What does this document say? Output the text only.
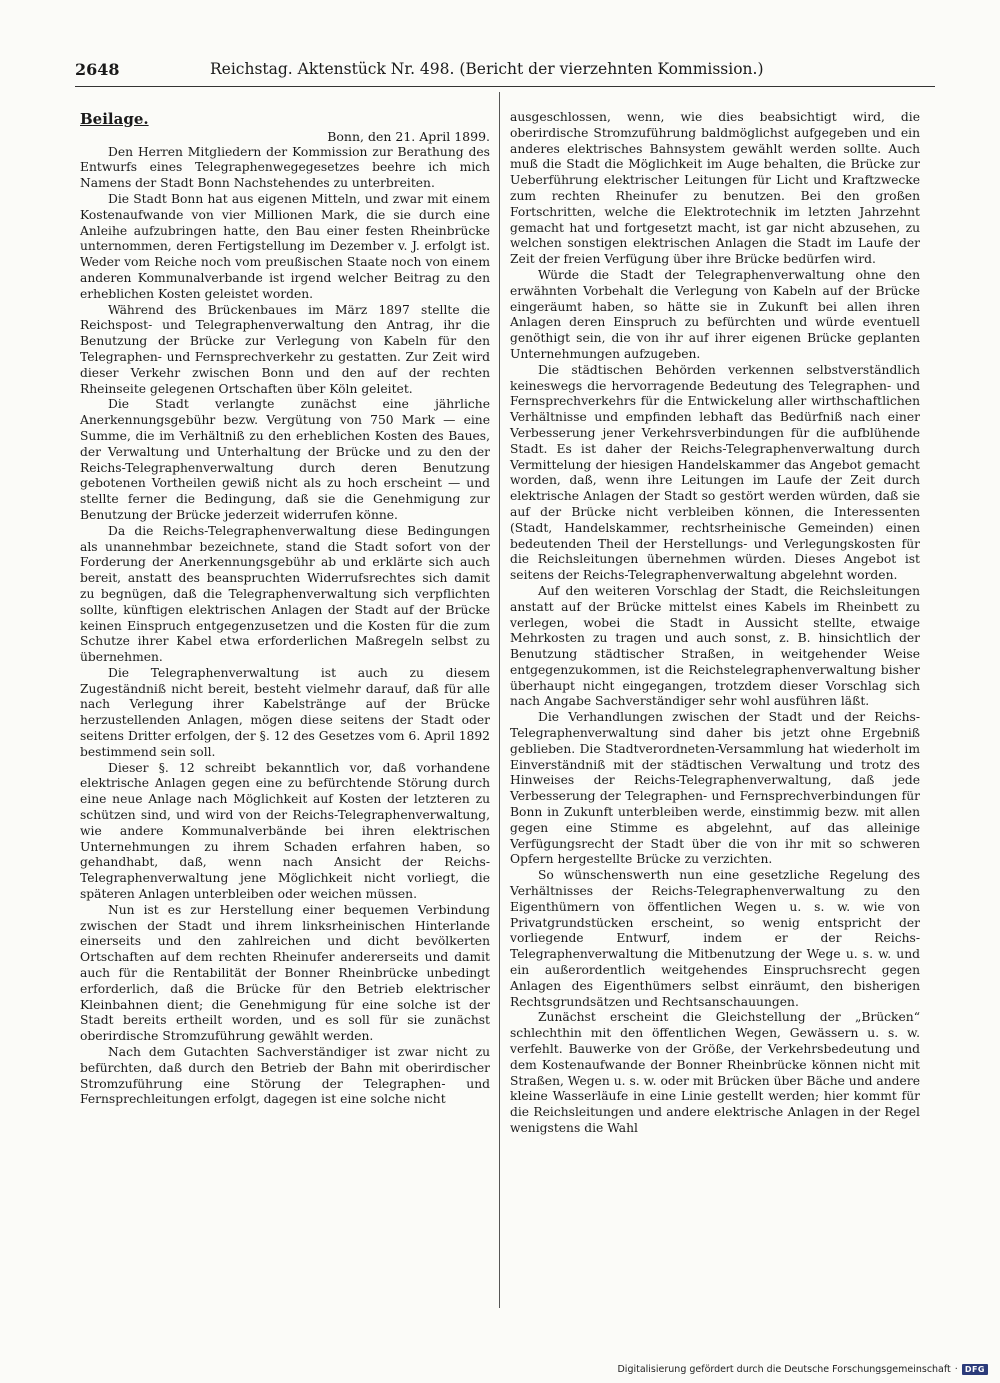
2648	Reichstag. Aktenstück Nr. 498. (Bericht der vierzehnten Kommission.)
Beilage.

Bonn, den 21. April 1899.

Den Herren Mitgliedern der Kommission zur Berathung des Entwurfs eines Telegraphenwegegesetzes beehre ich mich Namens der Stadt Bonn Nachstehendes zu unterbreiten.

Die Stadt Bonn hat aus eigenen Mitteln, und zwar mit einem Kostenaufwande von vier Millionen Mark, die sie durch eine Anleihe aufzubringen hatte, den Bau einer festen Rheinbrücke unternommen, deren Fertigstellung im Dezember v. J. erfolgt ist. Weder vom Reiche noch vom preußischen Staate noch von einem anderen Kommunalverbande ist irgend welcher Beitrag zu den erheblichen Kosten geleistet worden.

Während des Brückenbaues im März 1897 stellte die Reichspost- und Telegraphenverwaltung den Antrag, ihr die Benutzung der Brücke zur Verlegung von Kabeln für den Telegraphen- und Fernsprechverkehr zu gestatten. Zur Zeit wird dieser Verkehr zwischen Bonn und den auf der rechten Rheinseite gelegenen Ortschaften über Köln geleitet.

Die Stadt verlangte zunächst eine jährliche Anerkennungsgebühr bezw. Vergütung von 750 Mark — eine Summe, die im Verhältniß zu den erheblichen Kosten des Baues, der Verwaltung und Unterhaltung der Brücke und zu den der Reichs-Telegraphenverwaltung durch deren Benutzung gebotenen Vortheilen gewiß nicht als zu hoch erscheint — und stellte ferner die Bedingung, daß sie die Genehmigung zur Benutzung der Brücke jederzeit widerrufen könne.

Da die Reichs-Telegraphenverwaltung diese Bedingungen als unannehmbar bezeichnete, stand die Stadt sofort von der Forderung der Anerkennungsgebühr ab und erklärte sich auch bereit, anstatt des beanspruchten Widerrufsrechtes sich damit zu begnügen, daß die Telegraphenverwaltung sich verpflichten sollte, künftigen elektrischen Anlagen der Stadt auf der Brücke keinen Einspruch entgegenzusetzen und die Kosten für die zum Schutze ihrer Kabel etwa erforderlichen Maßregeln selbst zu übernehmen.

Die Telegraphenverwaltung ist auch zu diesem Zugeständniß nicht bereit, besteht vielmehr darauf, daß für alle nach Verlegung ihrer Kabelstränge auf der Brücke herzustellenden Anlagen, mögen diese seitens der Stadt oder seitens Dritter erfolgen, der §. 12 des Gesetzes vom 6. April 1892 bestimmend sein soll.

Dieser §. 12 schreibt bekanntlich vor, daß vorhandene elektrische Anlagen gegen eine zu befürchtende Störung durch eine neue Anlage nach Möglichkeit auf Kosten der letzteren zu schützen sind, und wird von der Reichs-Telegraphenverwaltung, wie andere Kommunalverbände bei ihren elektrischen Unternehmungen zu ihrem Schaden erfahren haben, so gehandhabt, daß, wenn nach Ansicht der Reichs-Telegraphenverwaltung jene Möglichkeit nicht vorliegt, die späteren Anlagen unterbleiben oder weichen müssen.

Nun ist es zur Herstellung einer bequemen Verbindung zwischen der Stadt und ihrem linksrheinischen Hinterlande einerseits und den zahlreichen und dicht bevölkerten Ortschaften auf dem rechten Rheinufer andererseits und damit auch für die Rentabilität der Bonner Rheinbrücke unbedingt erforderlich, daß die Brücke für den Betrieb elektrischer Kleinbahnen dient; die Genehmigung für eine solche ist der Stadt bereits ertheilt worden, und es soll für sie zunächst oberirdische Stromzuführung gewählt werden.

Nach dem Gutachten Sachverständiger ist zwar nicht zu befürchten, daß durch den Betrieb der Bahn mit oberirdischer Stromzuführung eine Störung der Telegraphen- und Fernsprechleitungen erfolgt, dagegen ist eine solche nicht

ausgeschlossen, wenn, wie dies beabsichtigt wird, die oberirdische Stromzuführung baldmöglichst aufgegeben und ein anderes elektrisches Bahnsystem gewählt werden sollte. Auch muß die Stadt die Möglichkeit im Auge behalten, die Brücke zur Ueberführung elektrischer Leitungen für Licht und Kraftzwecke zum rechten Rheinufer zu benutzen. Bei den großen Fortschritten, welche die Elektrotechnik im letzten Jahrzehnt gemacht hat und fortgesetzt macht, ist gar nicht abzusehen, zu welchen sonstigen elektrischen Anlagen die Stadt im Laufe der Zeit der freien Verfügung über ihre Brücke bedürfen wird.

Würde die Stadt der Telegraphenverwaltung ohne den erwähnten Vorbehalt die Verlegung von Kabeln auf der Brücke eingeräumt haben, so hätte sie in Zukunft bei allen ihren Anlagen deren Einspruch zu befürchten und würde eventuell genöthigt sein, die von ihr auf ihrer eigenen Brücke geplanten Unternehmungen aufzugeben.

Die städtischen Behörden verkennen selbstverständlich keineswegs die hervorragende Bedeutung des Telegraphen- und Fernsprechverkehrs für die Entwickelung aller wirthschaftlichen Verhältnisse und empfinden lebhaft das Bedürfniß nach einer Verbesserung jener Verkehrsverbindungen für die aufblühende Stadt. Es ist daher der Reichs-Telegraphenverwaltung durch Vermittelung der hiesigen Handelskammer das Angebot gemacht worden, daß, wenn ihre Leitungen im Laufe der Zeit durch elektrische Anlagen der Stadt so gestört werden würden, daß sie auf der Brücke nicht verbleiben können, die Interessenten (Stadt, Handelskammer, rechtsrheinische Gemeinden) einen bedeutenden Theil der Herstellungs- und Verlegungskosten für die Reichsleitungen übernehmen würden. Dieses Angebot ist seitens der Reichs-Telegraphenverwaltung abgelehnt worden.

Auf den weiteren Vorschlag der Stadt, die Reichsleitungen anstatt auf der Brücke mittelst eines Kabels im Rheinbett zu verlegen, wobei die Stadt in Aussicht stellte, etwaige Mehrkosten zu tragen und auch sonst, z. B. hinsichtlich der Benutzung städtischer Straßen, in weitgehender Weise entgegenzukommen, ist die Reichstelegraphenverwaltung bisher überhaupt nicht eingegangen, trotzdem dieser Vorschlag sich nach Angabe Sachverständiger sehr wohl ausführen läßt.

Die Verhandlungen zwischen der Stadt und der Reichs-Telegraphenverwaltung sind daher bis jetzt ohne Ergebniß geblieben. Die Stadtverordneten-Versammlung hat wiederholt im Einverständniß mit der städtischen Verwaltung und trotz des Hinweises der Reichs-Telegraphenverwaltung, daß jede Verbesserung der Telegraphen- und Fernsprechverbindungen für Bonn in Zukunft unterbleiben werde, einstimmig bezw. mit allen gegen eine Stimme es abgelehnt, auf das alleinige Verfügungsrecht der Stadt über die von ihr mit so schweren Opfern hergestellte Brücke zu verzichten.

So wünschenswerth nun eine gesetzliche Regelung des Verhältnisses der Reichs-Telegraphenverwaltung zu den Eigenthümern von öffentlichen Wegen u. s. w. wie von Privatgrundstücken erscheint, so wenig entspricht der vorliegende Entwurf, indem er der Reichs-Telegraphenverwaltung die Mitbenutzung der Wege u. s. w. und ein außerordentlich weitgehendes Einspruchsrecht gegen Anlagen des Eigenthümers selbst einräumt, den bisherigen Rechtsgrundsätzen und Rechtsanschauungen.

Zunächst erscheint die Gleichstellung der „Brücken“ schlechthin mit den öffentlichen Wegen, Gewässern u. s. w. verfehlt. Bauwerke von der Größe, der Verkehrsbedeutung und dem Kostenaufwande der Bonner Rheinbrücke können nicht mit Straßen, Wegen u. s. w. oder mit Brücken über Bäche und andere kleine Wasserläufe in eine Linie gestellt werden; hier kommt für die Reichsleitungen und andere elektrische Anlagen in der Regel wenigstens die Wahl

Digitalisierung gefördert durch die Deutsche Forschungsgemeinschaft · DFG
